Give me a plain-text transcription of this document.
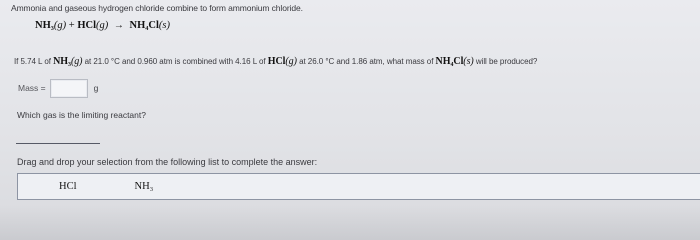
Ammonia and gaseous hydrogen chloride combine to form ammonium chloride.
NH₃(g) + HCl(g) → NH₄Cl(s)
If 5.74 L of NH₃(g) at 21.0 °C and 0.960 atm is combined with 4.16 L of HCl(g) at 26.0 °C and 1.86 atm, what mass of NH₄Cl(s) will be produced?
Mass =	g
Which gas is the limiting reactant?
Drag and drop your selection from the following list to complete the answer:
HCl	NH₃
